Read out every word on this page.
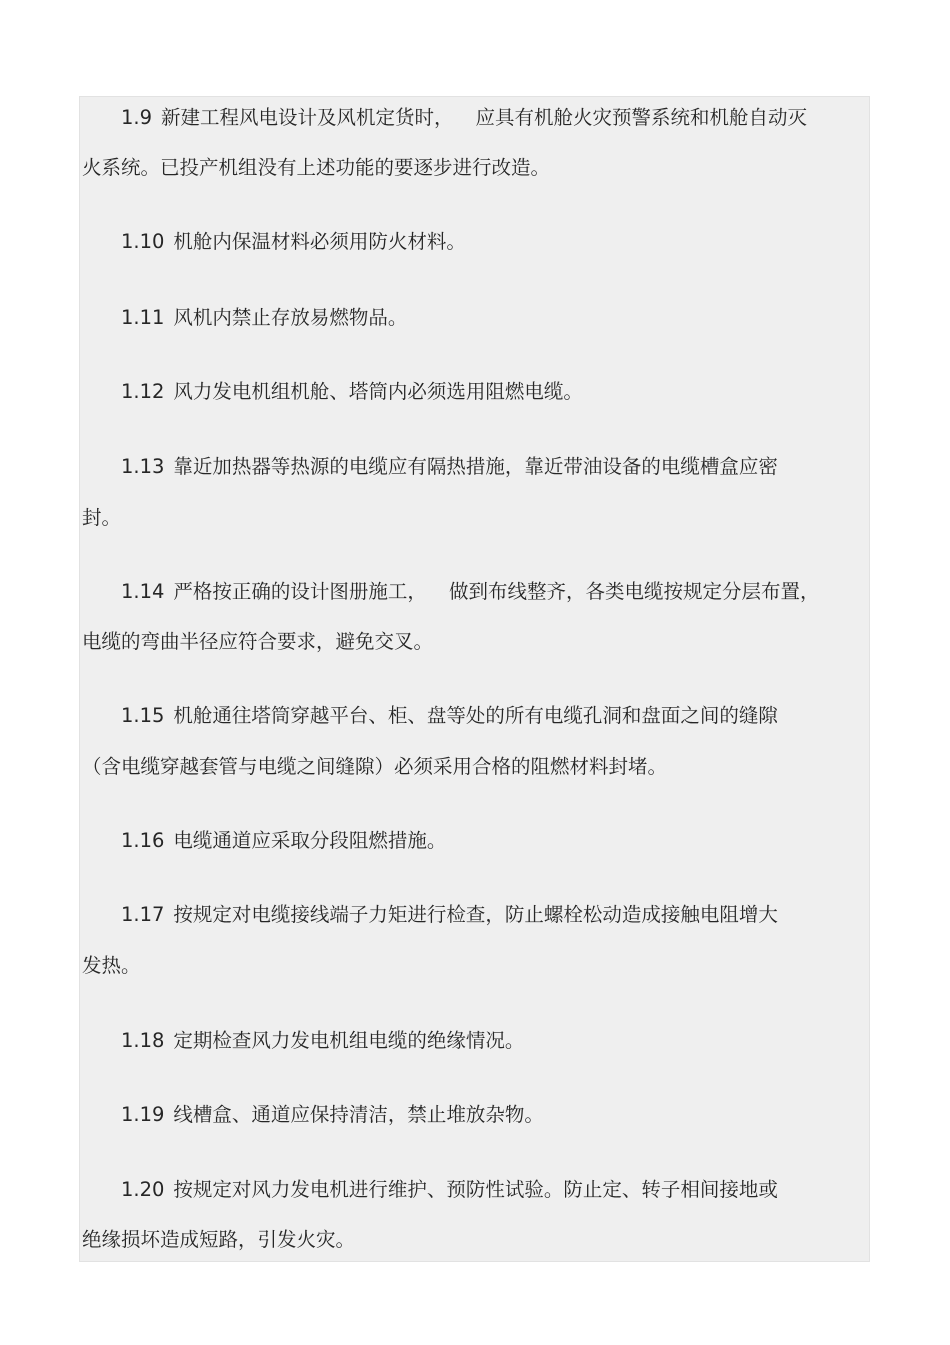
1.9 新建工程风电设计及风机定货时， 应具有机舱火灾预警系统和机舱自动灭
火系统。已投产机组没有上述功能的要逐步进行改造。
1.10 机舱内保温材料必须用防火材料。
1.11 风机内禁止存放易燃物品。
1.12 风力发电机组机舱、塔筒内必须选用阻燃电缆。
1.13 靠近加热器等热源的电缆应有隔热措施，靠近带油设备的电缆槽盒应密
封。
1.14 严格按正确的设计图册施工， 做到布线整齐，各类电缆按规定分层布置，
电缆的弯曲半径应符合要求，避免交叉。
1.15 机舱通往塔筒穿越平台、柜、盘等处的所有电缆孔洞和盘面之间的缝隙
（含电缆穿越套管与电缆之间缝隙）必须采用合格的阻燃材料封堵。
1.16 电缆通道应采取分段阻燃措施。
1.17 按规定对电缆接线端子力矩进行检查，防止螺栓松动造成接触电阻增大
发热。
1.18 定期检查风力发电机组电缆的绝缘情况。
1.19 线槽盒、通道应保持清洁，禁止堆放杂物。
1.20 按规定对风力发电机进行维护、预防性试验。防止定、转子相间接地或
绝缘损坏造成短路，引发火灾。
